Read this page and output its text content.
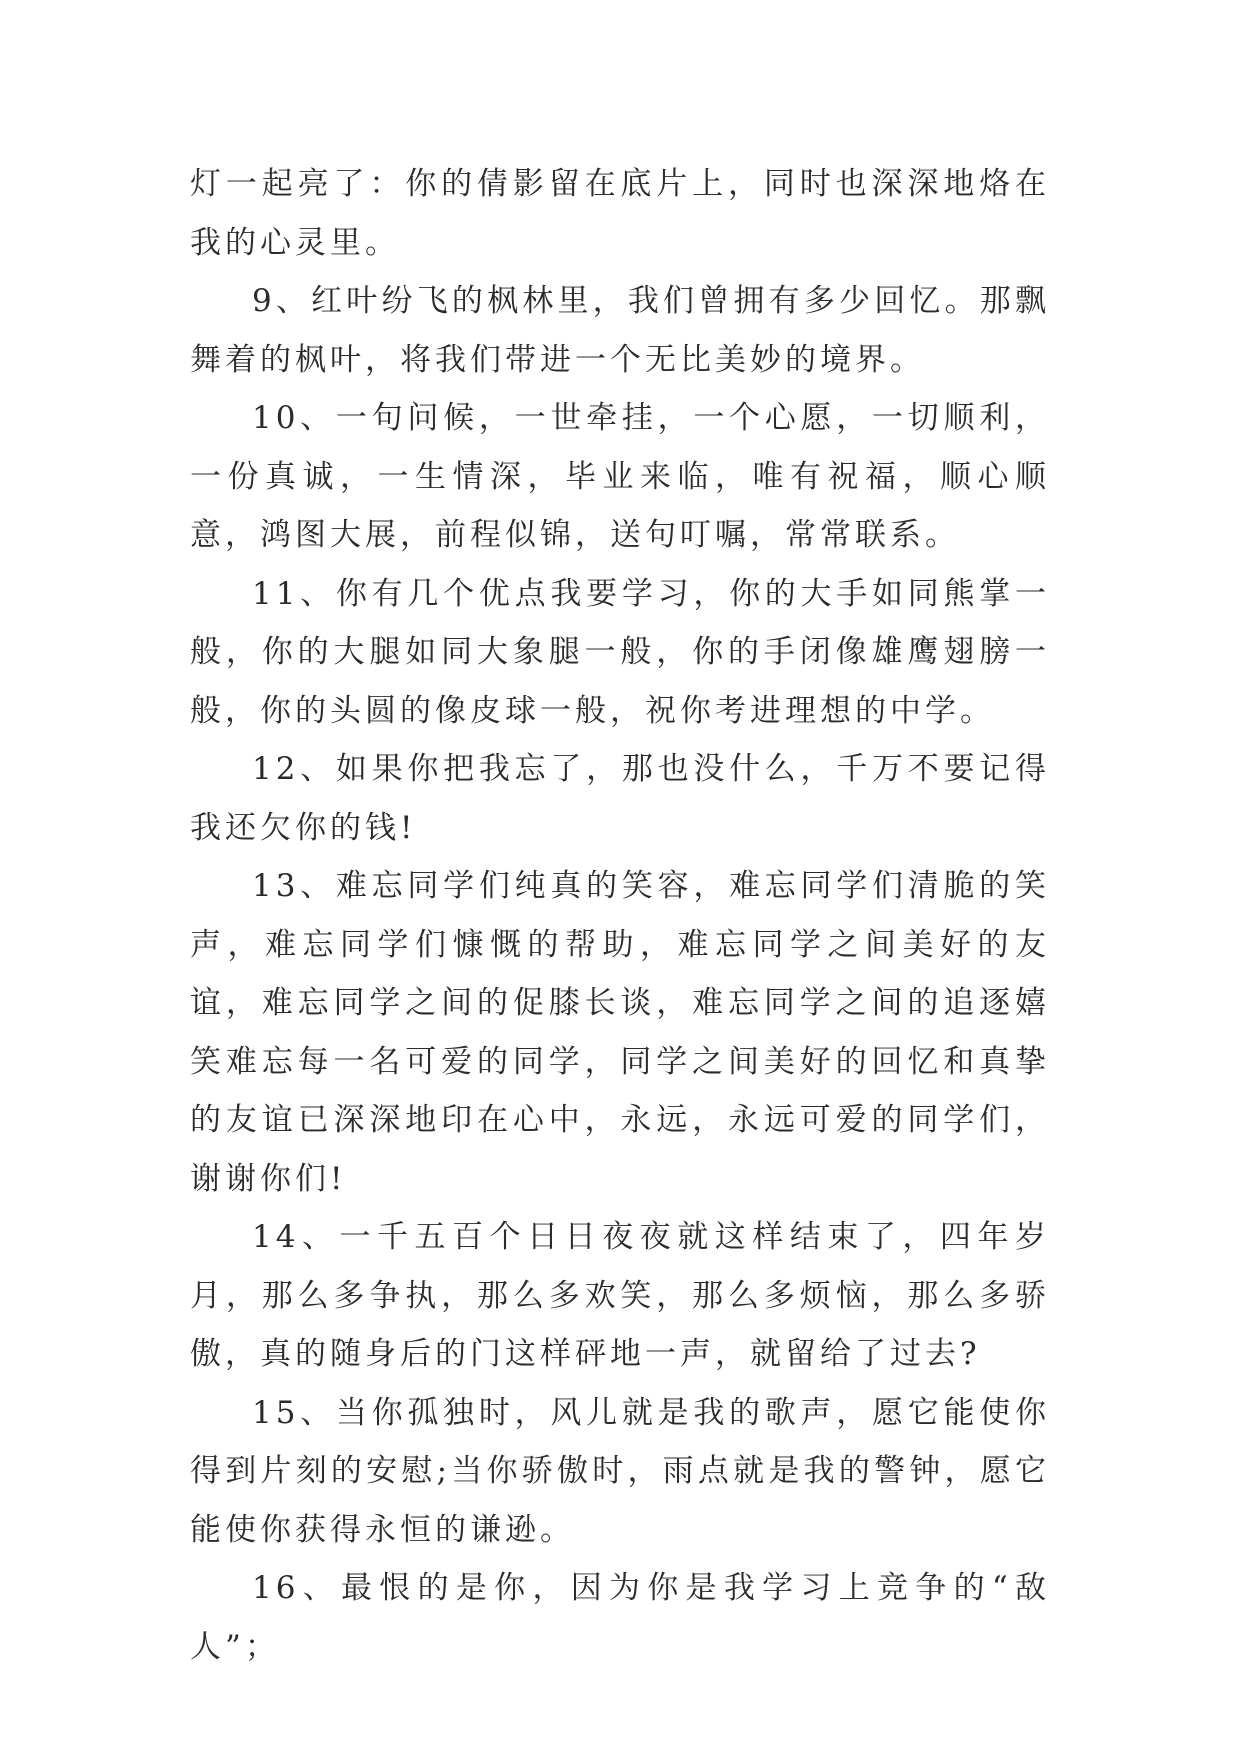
灯一起亮了：你的倩影留在底片上，同时也深深地烙在我的心灵里。

9、红叶纷飞的枫林里，我们曾拥有多少回忆。那飘舞着的枫叶，将我们带进一个无比美妙的境界。

10、一句问候，一世牵挂，一个心愿，一切顺利，一份真诚，一生情深，毕业来临，唯有祝福，顺心顺意，鸿图大展，前程似锦，送句叮嘱，常常联系。

11、你有几个优点我要学习，你的大手如同熊掌一般，你的大腿如同大象腿一般，你的手闭像雄鹰翅膀一般，你的头圆的像皮球一般，祝你考进理想的中学。

12、如果你把我忘了，那也没什么，千万不要记得我还欠你的钱!

13、难忘同学们纯真的笑容，难忘同学们清脆的笑声，难忘同学们慷慨的帮助，难忘同学之间美好的友谊，难忘同学之间的促膝长谈，难忘同学之间的追逐嬉笑难忘每一名可爱的同学，同学之间美好的回忆和真挚的友谊已深深地印在心中，永远，永远可爱的同学们，谢谢你们!

14、一千五百个日日夜夜就这样结束了，四年岁月，那么多争执，那么多欢笑，那么多烦恼，那么多骄傲，真的随身后的门这样砰地一声，就留给了过去?

15、当你孤独时，风儿就是我的歌声，愿它能使你得到片刻的安慰;当你骄傲时，雨点就是我的警钟，愿它能使你获得永恒的谦逊。

16、最恨的是你，因为你是我学习上竞争的“敌人”；
